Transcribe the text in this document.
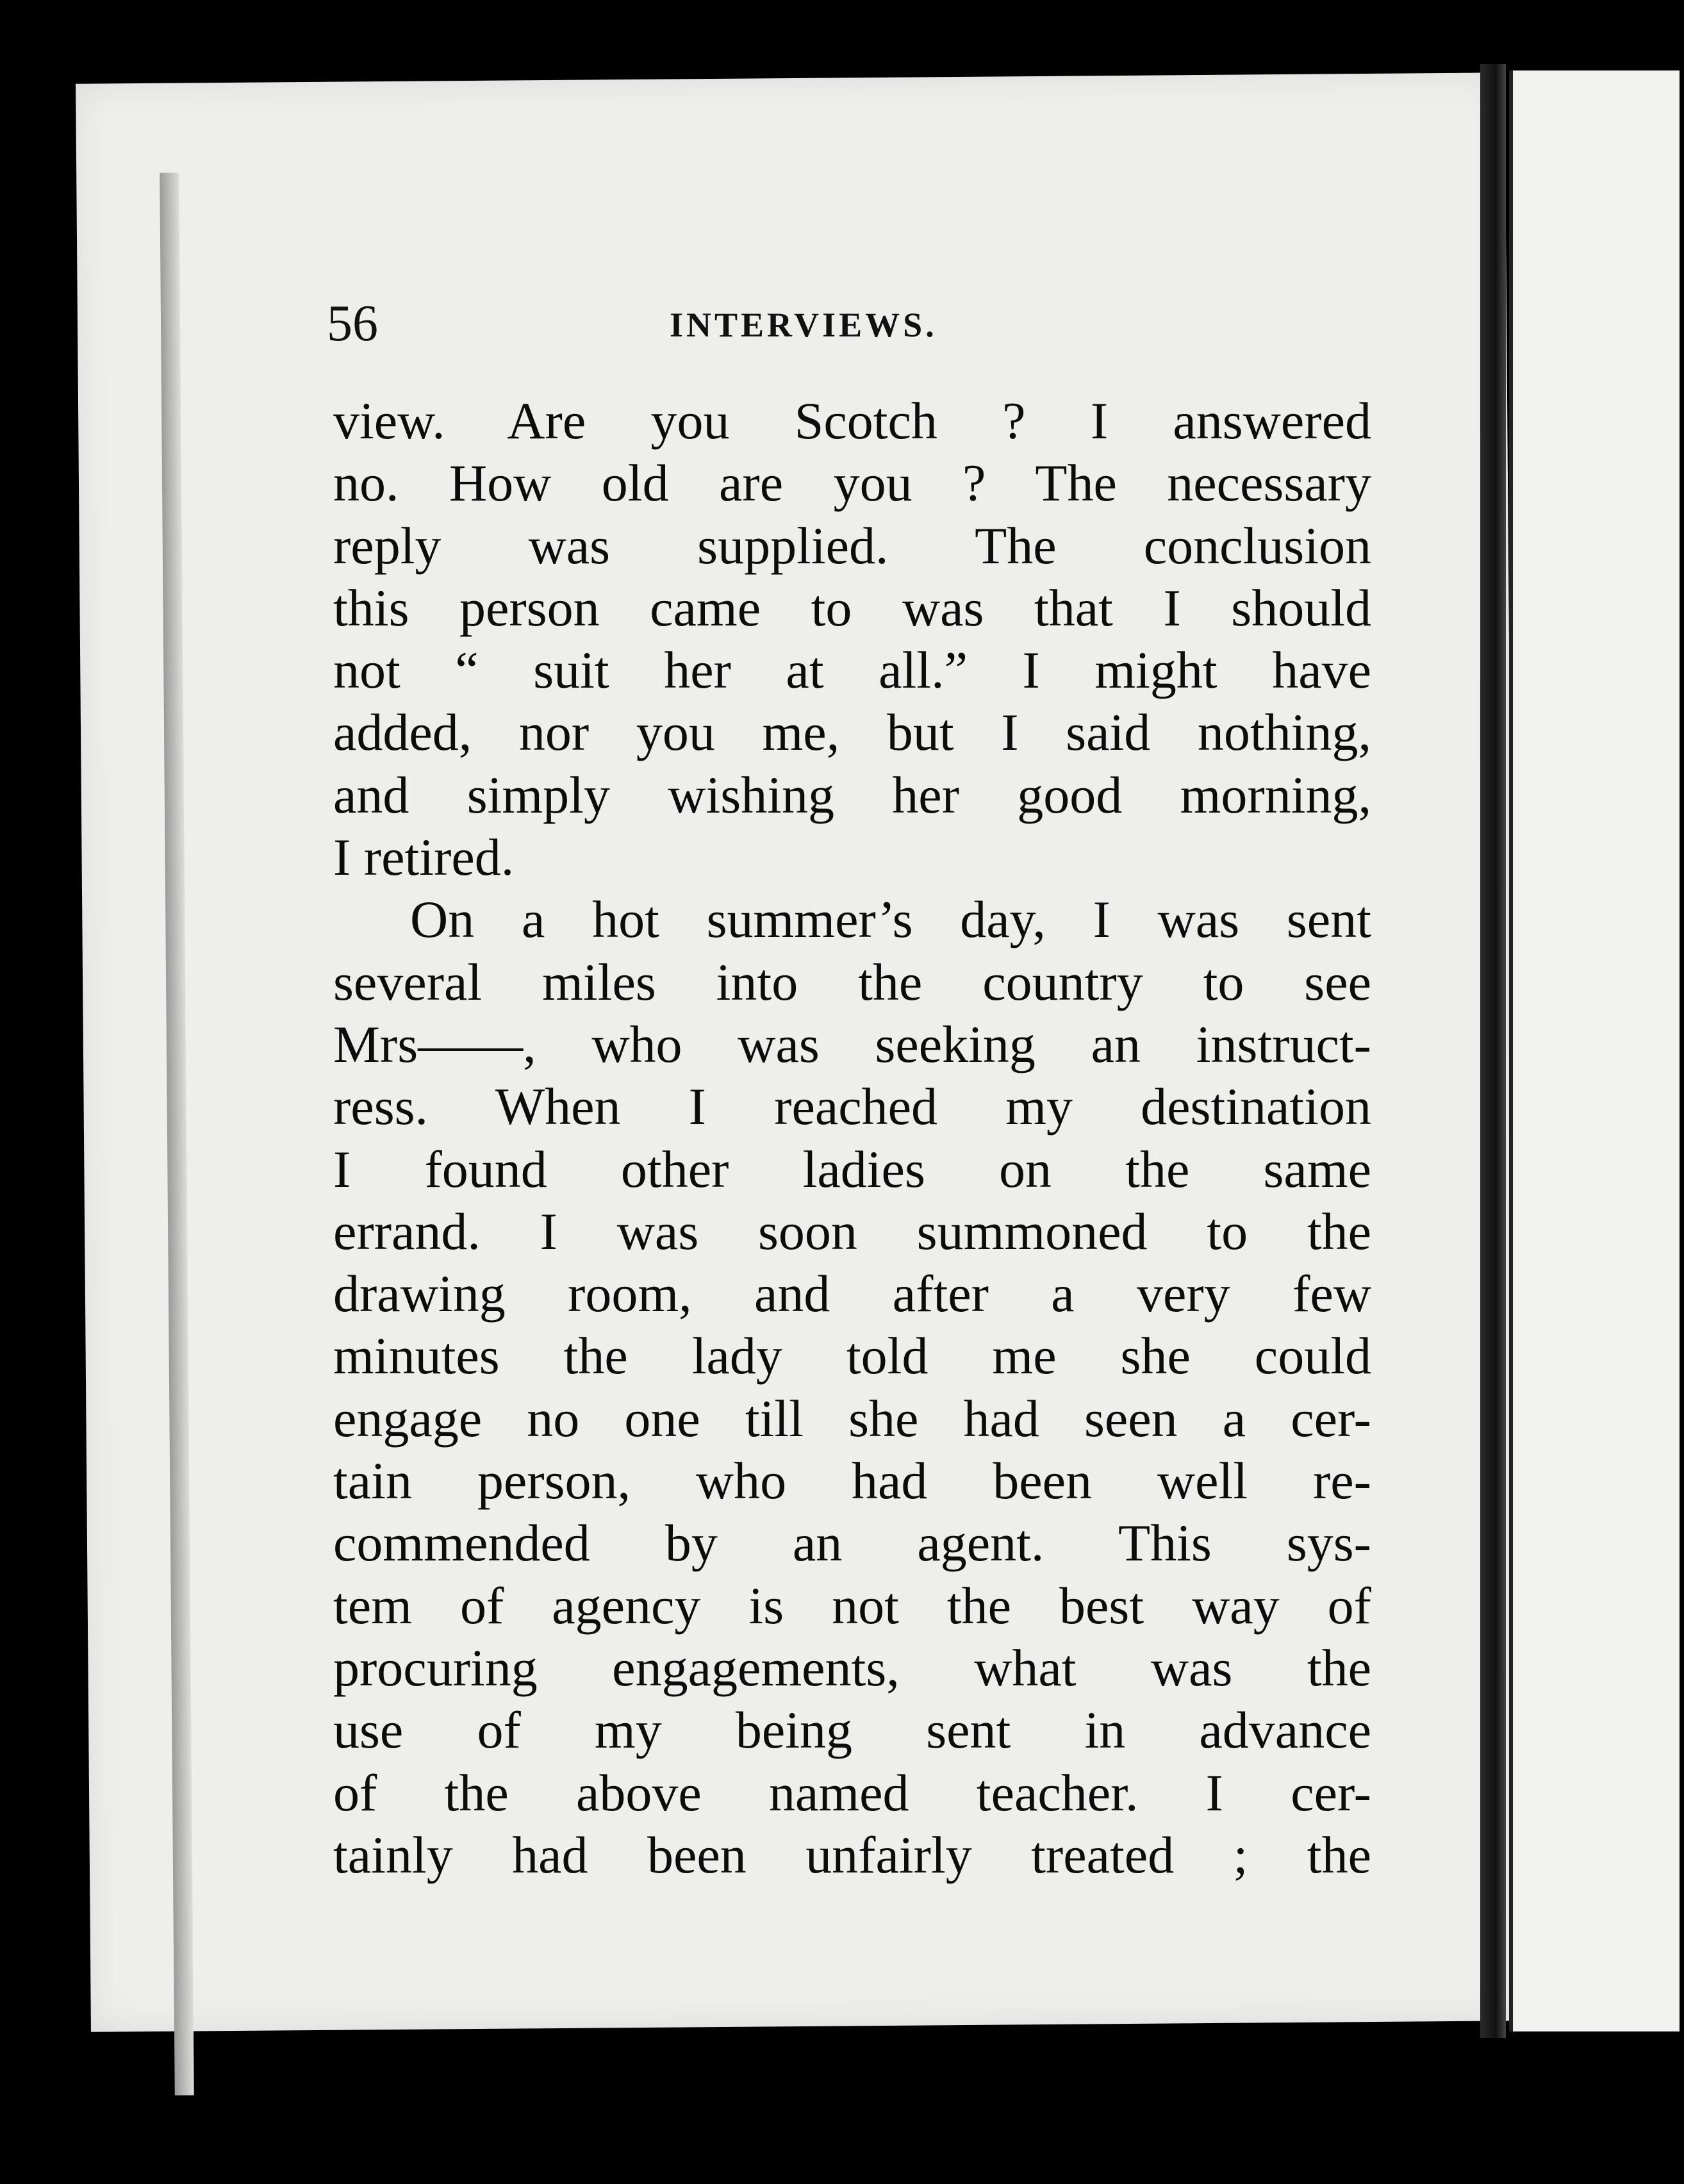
56	INTERVIEWS.
view. Are you Scotch ? I answered
no. How old are you ? The necessary
reply was supplied. The conclusion
this person came to was that I should
not “ suit her at all.” I might have
added, nor you me, but I said nothing,
and simply wishing her good morning,
I retired.
On a hot summer’s day, I was sent
several miles into the country to see
Mrs——, who was seeking an instruct-
ress. When I reached my destination
I found other ladies on the same
errand. I was soon summoned to the
drawing room, and after a very few
minutes the lady told me she could
engage no one till she had seen a cer-
tain person, who had been well re-
commended by an agent. This sys-
tem of agency is not the best way of
procuring engagements, what was the
use of my being sent in advance
of the above named teacher. I cer-
tainly had been unfairly treated ; the
